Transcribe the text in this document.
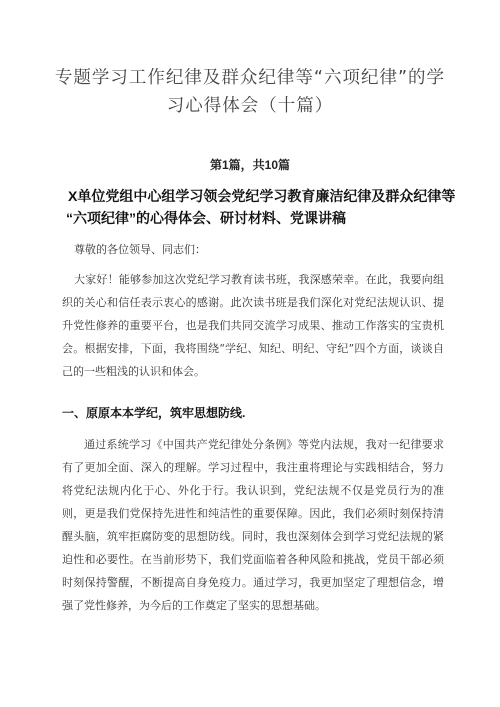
专题学习工作纪律及群众纪律等“六项纪律”的学
习心得体会（十篇）

第1篇，共10篇

X单位党组中心组学习领会党纪学习教育廉洁纪律及群众纪律等
“六项纪律”的心得体会、研讨材料、党课讲稿

尊敬的各位领导、同志们：

大家好！能够参加这次党纪学习教育读书班，我深感荣幸。在此，我要向组织的关心和信任表示衷心的感谢。此次读书班是我们深化对党纪法规认识、提升党性修养的重要平台，也是我们共同交流学习成果、推动工作落实的宝贵机会。根据安排，下面，我将围绕“学纪、知纪、明纪、守纪”四个方面，谈谈自己的一些粗浅的认识和体会。

一、原原本本学纪，筑牢思想防线.

通过系统学习《中国共产党纪律处分条例》等党内法规，我对一纪律要求有了更加全面、深入的理解。学习过程中，我注重将理论与实践相结合，努力将党纪法规内化于心、外化于行。我认识到，党纪法规不仅是党员行为的准则，更是我们党保持先进性和纯洁性的重要保障。因此，我们必须时刻保持清醒头脑，筑牢拒腐防变的思想防线。同时，我也深刻体会到学习党纪法规的紧迫性和必要性。在当前形势下，我们党面临着各种风险和挑战，党员干部必须时刻保持警醒，不断提高自身免疫力。通过学习，我更加坚定了理想信念，增强了党性修养，为今后的工作奠定了坚实的思想基础。
